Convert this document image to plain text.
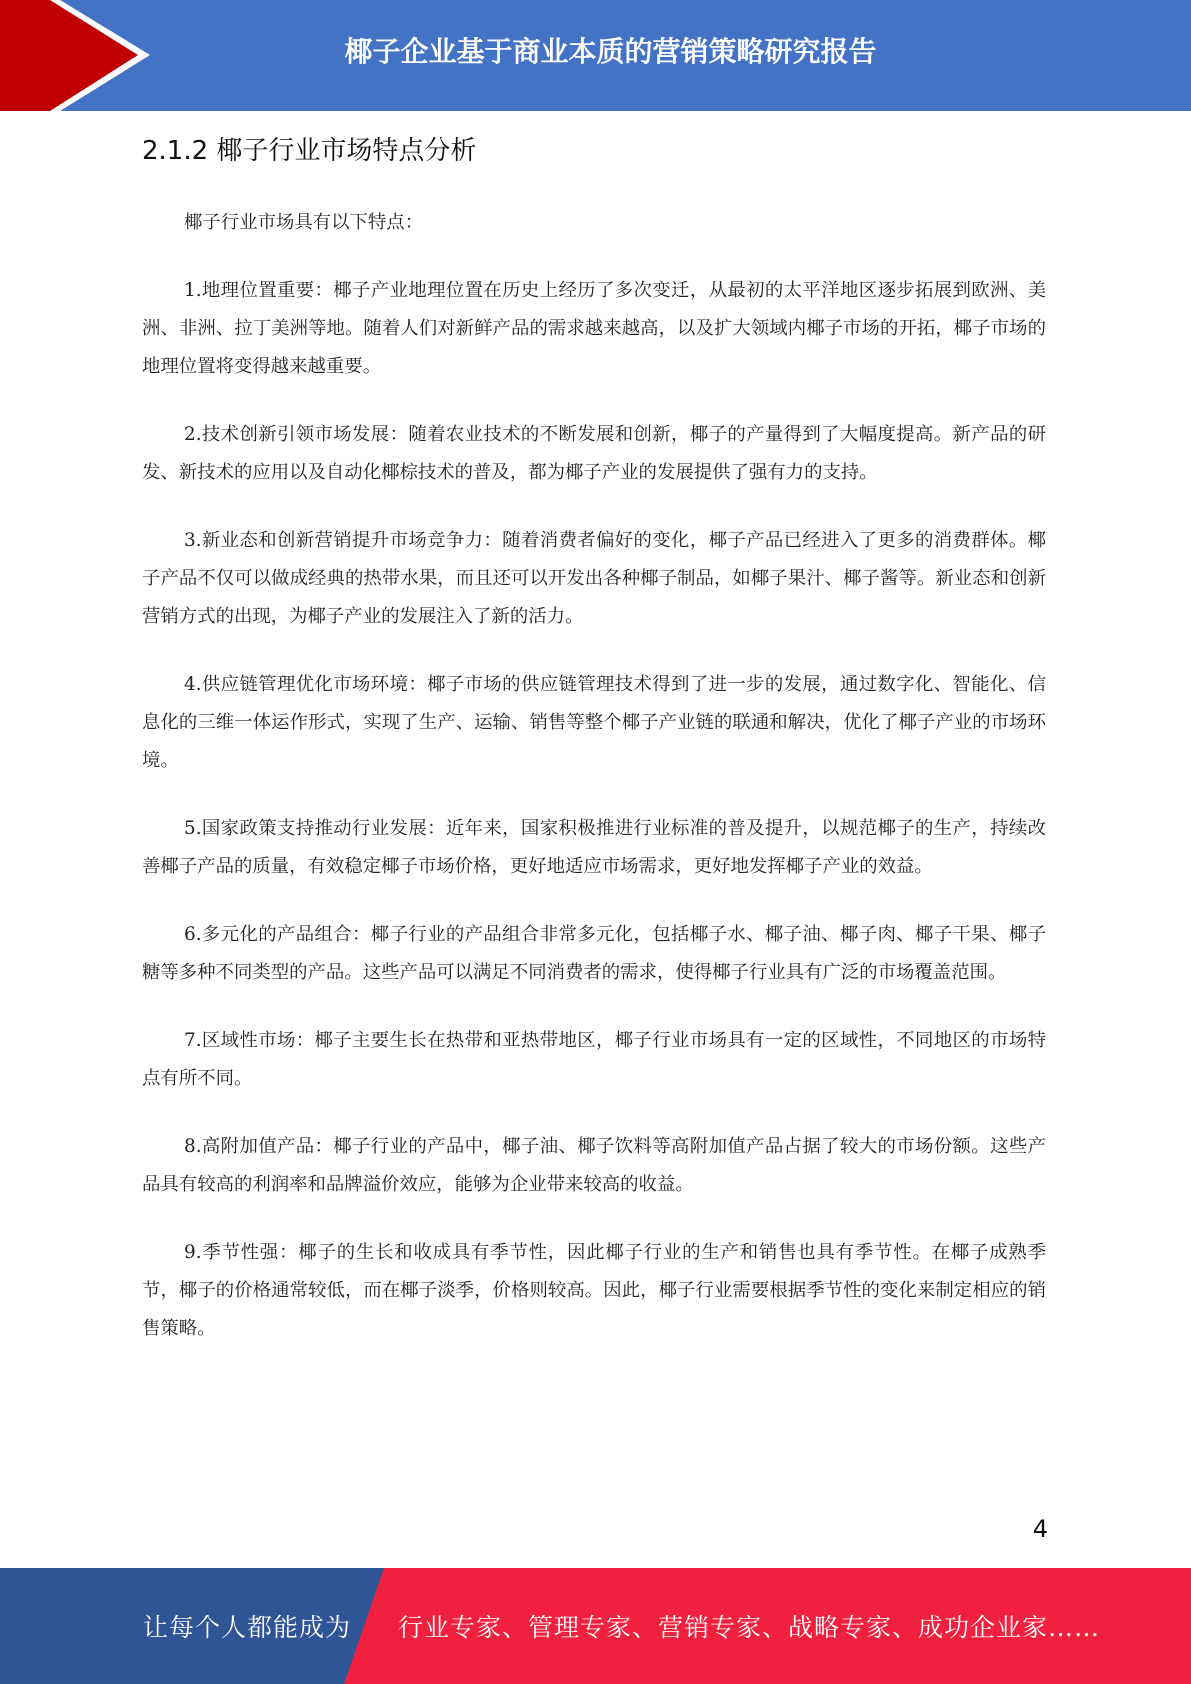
椰子企业基于商业本质的营销策略研究报告
2.1.2 椰子行业市场特点分析

椰子行业市场具有以下特点：

1.地理位置重要：椰子产业地理位置在历史上经历了多次变迁，从最初的太平洋地区逐步拓展到欧洲、美洲、非洲、拉丁美洲等地。随着人们对新鲜产品的需求越来越高，以及扩大领域内椰子市场的开拓，椰子市场的地理位置将变得越来越重要。

2.技术创新引领市场发展：随着农业技术的不断发展和创新，椰子的产量得到了大幅度提高。新产品的研发、新技术的应用以及自动化椰棕技术的普及，都为椰子产业的发展提供了强有力的支持。

3.新业态和创新营销提升市场竞争力：随着消费者偏好的变化，椰子产品已经进入了更多的消费群体。椰子产品不仅可以做成经典的热带水果，而且还可以开发出各种椰子制品，如椰子果汁、椰子酱等。新业态和创新营销方式的出现，为椰子产业的发展注入了新的活力。

4.供应链管理优化市场环境：椰子市场的供应链管理技术得到了进一步的发展，通过数字化、智能化、信息化的三维一体运作形式，实现了生产、运输、销售等整个椰子产业链的联通和解决，优化了椰子产业的市场环境。

5.国家政策支持推动行业发展：近年来，国家积极推进行业标准的普及提升，以规范椰子的生产，持续改善椰子产品的质量，有效稳定椰子市场价格，更好地适应市场需求，更好地发挥椰子产业的效益。

6.多元化的产品组合：椰子行业的产品组合非常多元化，包括椰子水、椰子油、椰子肉、椰子干果、椰子糖等多种不同类型的产品。这些产品可以满足不同消费者的需求，使得椰子行业具有广泛的市场覆盖范围。

7.区域性市场：椰子主要生长在热带和亚热带地区，椰子行业市场具有一定的区域性，不同地区的市场特点有所不同。

8.高附加值产品：椰子行业的产品中，椰子油、椰子饮料等高附加值产品占据了较大的市场份额。这些产品具有较高的利润率和品牌溢价效应，能够为企业带来较高的收益。

9.季节性强：椰子的生长和收成具有季节性，因此椰子行业的生产和销售也具有季节性。在椰子成熟季节，椰子的价格通常较低，而在椰子淡季，价格则较高。因此，椰子行业需要根据季节性的变化来制定相应的销售策略。

4
让每个人都能成为 行业专家、管理专家、营销专家、战略专家、成功企业家……
